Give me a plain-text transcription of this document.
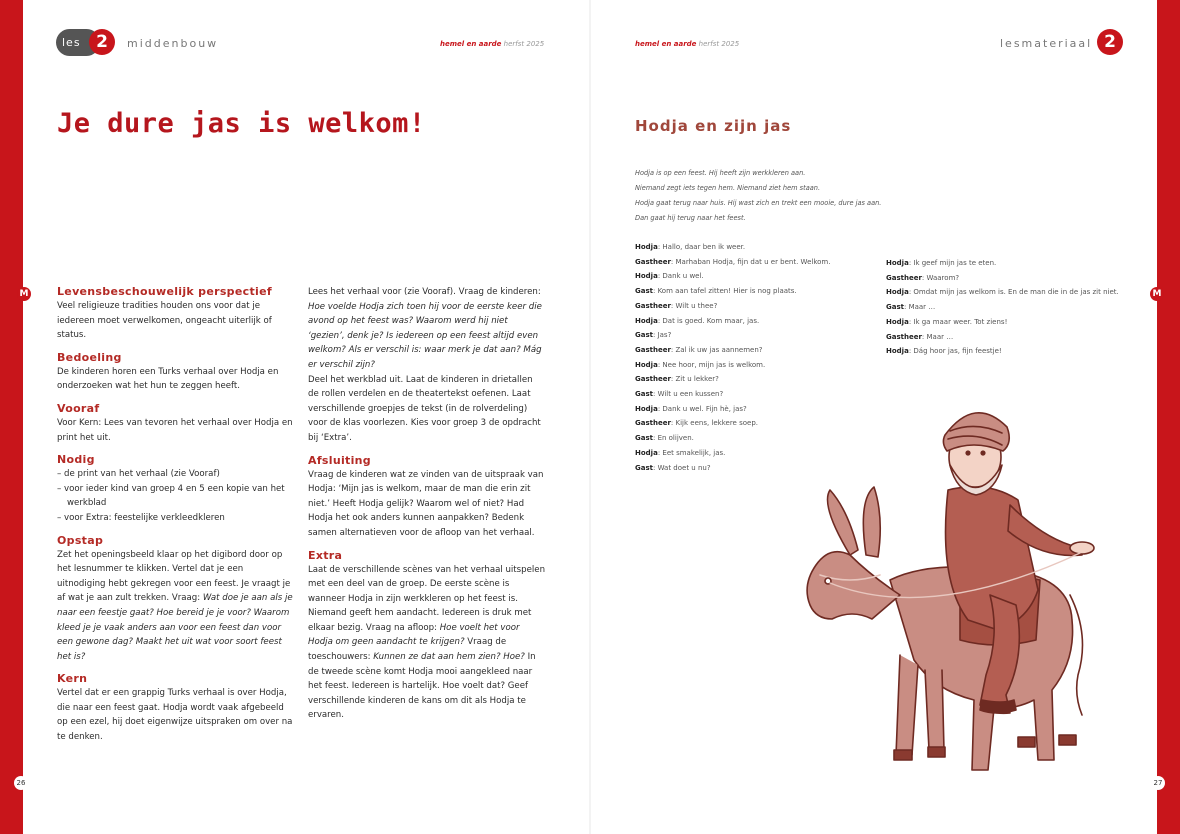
M	M
26	27
les 2	middenbouw	hemel en aarde herfst 2025	hemel en aarde herfst 2025	lesmateriaal 2
Je dure jas is welkom!	Hodja en zijn jas
Levensbeschouwelijk perspectief

Veel religieuze tradities houden ons voor dat je iedereen moet verwelkomen, ongeacht uiterlijk of status.

Bedoeling

De kinderen horen een Turks verhaal over Hodja en onderzoeken wat het hun te zeggen heeft.

Vooraf

Voor Kern: Lees van tevoren het verhaal over Hodja en print het uit.

Nodig
– de print van het verhaal (zie Vooraf)
– voor ieder kind van groep 4 en 5 een kopie van het werkblad
– voor Extra: feestelijke verkleedkleren
Opstap

Zet het openingsbeeld klaar op het digibord door op het lesnummer te klikken. Vertel dat je een uitnodiging hebt gekregen voor een feest. Je vraagt je af wat je aan zult trekken. Vraag: Wat doe je aan als je naar een feestje gaat? Hoe bereid je je voor? Waarom kleed je je vaak anders aan voor een feest dan voor een gewone dag? Maakt het uit wat voor soort feest het is?

Kern

Vertel dat er een grappig Turks verhaal is over Hodja, die naar een feest gaat. Hodja wordt vaak afgebeeld op een ezel, hij doet eigenwijze uitspraken om over na te denken.

Lees het verhaal voor (zie Vooraf). Vraag de kinderen: Hoe voelde Hodja zich toen hij voor de eerste keer die avond op het feest was? Waarom werd hij niet ‘gezien’, denk je? Is iedereen op een feest altijd even welkom? Als er verschil is: waar merk je dat aan? Mág er verschil zijn?

Deel het werkblad uit. Laat de kinderen in drietallen de rollen verdelen en de theatertekst oefenen. Laat verschillende groepjes de tekst (in de rolverdeling) voor de klas voorlezen. Kies voor groep 3 de opdracht bij ‘Extra’.

Afsluiting

Vraag de kinderen wat ze vinden van de uitspraak van Hodja: ‘Mijn jas is welkom, maar de man die erin zit niet.’ Heeft Hodja gelijk? Waarom wel of niet? Had Hodja het ook anders kunnen aanpakken? Bedenk samen alternatieven voor de afloop van het verhaal.

Extra

Laat de verschillende scènes van het verhaal uitspelen met een deel van de groep. De eerste scène is wanneer Hodja in zijn werkkleren op het feest is. Niemand geeft hem aandacht. Iedereen is druk met elkaar bezig. Vraag na afloop: Hoe voelt het voor Hodja om geen aandacht te krijgen? Vraag de toeschouwers: Kunnen ze dat aan hem zien? Hoe? In de tweede scène komt Hodja mooi aangekleed naar het feest. Iedereen is hartelijk. Hoe voelt dat? Geef verschillende kinderen de kans om dit als Hodja te ervaren.

Hodja is op een feest. Hij heeft zijn werkkleren aan.
Niemand zegt iets tegen hem. Niemand ziet hem staan.
Hodja gaat terug naar huis. Hij wast zich en trekt een mooie, dure jas aan.
Dan gaat hij terug naar het feest.
Hodja: Hallo, daar ben ik weer.
Gastheer: Marhaban Hodja, fijn dat u er bent. Welkom.
Hodja: Dank u wel.
Gast: Kom aan tafel zitten! Hier is nog plaats.
Gastheer: Wilt u thee?
Hodja: Dat is goed. Kom maar, jas.
Gast: Jas?
Gastheer: Zal ik uw jas aannemen?
Hodja: Nee hoor, mijn jas is welkom.
Gastheer: Zit u lekker?
Gast: Wilt u een kussen?
Hodja: Dank u wel. Fijn hè, jas?
Gastheer: Kijk eens, lekkere soep.
Gast: En olijven.
Hodja: Eet smakelijk, jas.
Gast: Wat doet u nu?
Hodja: Ik geef mijn jas te eten.
Gastheer: Waarom?
Hodja: Omdat mijn jas welkom is. En de man die in de jas zit niet.
Gast: Maar …
Hodja: Ik ga maar weer. Tot ziens!
Gastheer: Maar …
Hodja: Dág hoor jas, fijn feestje!
